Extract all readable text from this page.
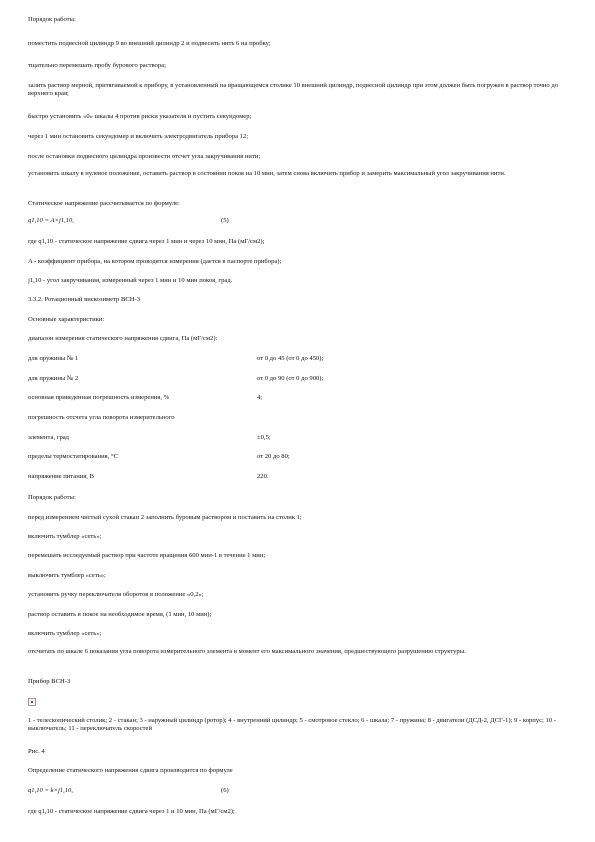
Порядок работы:
поместить подвесной цилиндр 9 во внешний цилиндр 2 и подвесить нить 6 на пробку;
тщательно перемешать пробу бурового раствора;
залить раствор мерной, притягиваемой к прибору, в установленный на вращающемся столике 10 внешний цилиндр, подвесной цилиндр при этом должен быть погружен в раствор точно до верхнего края;
быстро установить «0» шкалы 4 против риски указателя и пустить секундомер;
через 1 мин остановить секундомер и включить электродвигатель прибора 12;
после остановки подвесного цилиндра произвести отсчет угла закручивания нити;
установить шкалу в нулевое положение, оставить раствор в состоянии покоя на 10 мин, затем снова включить прибор и замерить максимальный угол закручивания нити.
Статическое напряжение рассчитывается по формуле:
q1,10 = A×j1,10,	(5)
где q1,10 - статическое напряжение сдвига через 1 мин и через 10 мин, Па (мГ/см2);
A - коэффициент прибора, на котором проводятся измерения (дается в паспорте прибора);
j1,10 - угол закручивания, измеренный через 1 мин и 10 мин покоя, град.
3.3.2. Ротационный вискозиметр ВСН-3
Основные характеристики:
диапазон измерения статического напряжения сдвига, Па (мГ/см2):
для пружины № 1	от 0 до 45 (от 0 до 450);
для пружины № 2	от 0 до 90 (от 0 до 900);
основная приведенная погрешность измерения, %	4;
погрешность отсчета угла поворота измерительного
элемента, град	±0,5;
пределы термостатирования, °С	от 20 до 80;
напряжение питания, В	220.
Порядок работы:
перед измерением чистый сухой стакан 2 заполнить буровым раствором и поставить на столик 1;
включить тумблер «сеть»;
перемешать исследуемый раствор при частоте вращения 600 мин-1 в течение 1 мин;
выключить тумблер «сеть»;
установить ручку переключателя оборотов в положение «0,2»;
раствор оставить в покое на необходимое время, (1 мин, 10 мин);
включить тумблер «сеть»;
отсчитать по шкале 6 показания угла поворота измерительного элемента в момент его максимального значения, предшествующего разрушению структуры.
Прибор ВСН-3
1 - телескопический столик; 2 - стакан; 3 - наружный цилиндр (ротор); 4 - внутренний цилиндр; 5 - смотровое стекло; 6 - шкала; 7 - пружина; 8 - двигатели (ДСД-2, ДСГ-1); 9 - корпус; 10 - выключатель; 11 - переключатель скоростей
Рис. 4
Определение статического напряжения сдвига производится по формуле
q1,10 = k×j1,10,	(6)
где q1,10 - статическое напряжение сдвига через 1 и 10 мин, Па (мГ/см2);
